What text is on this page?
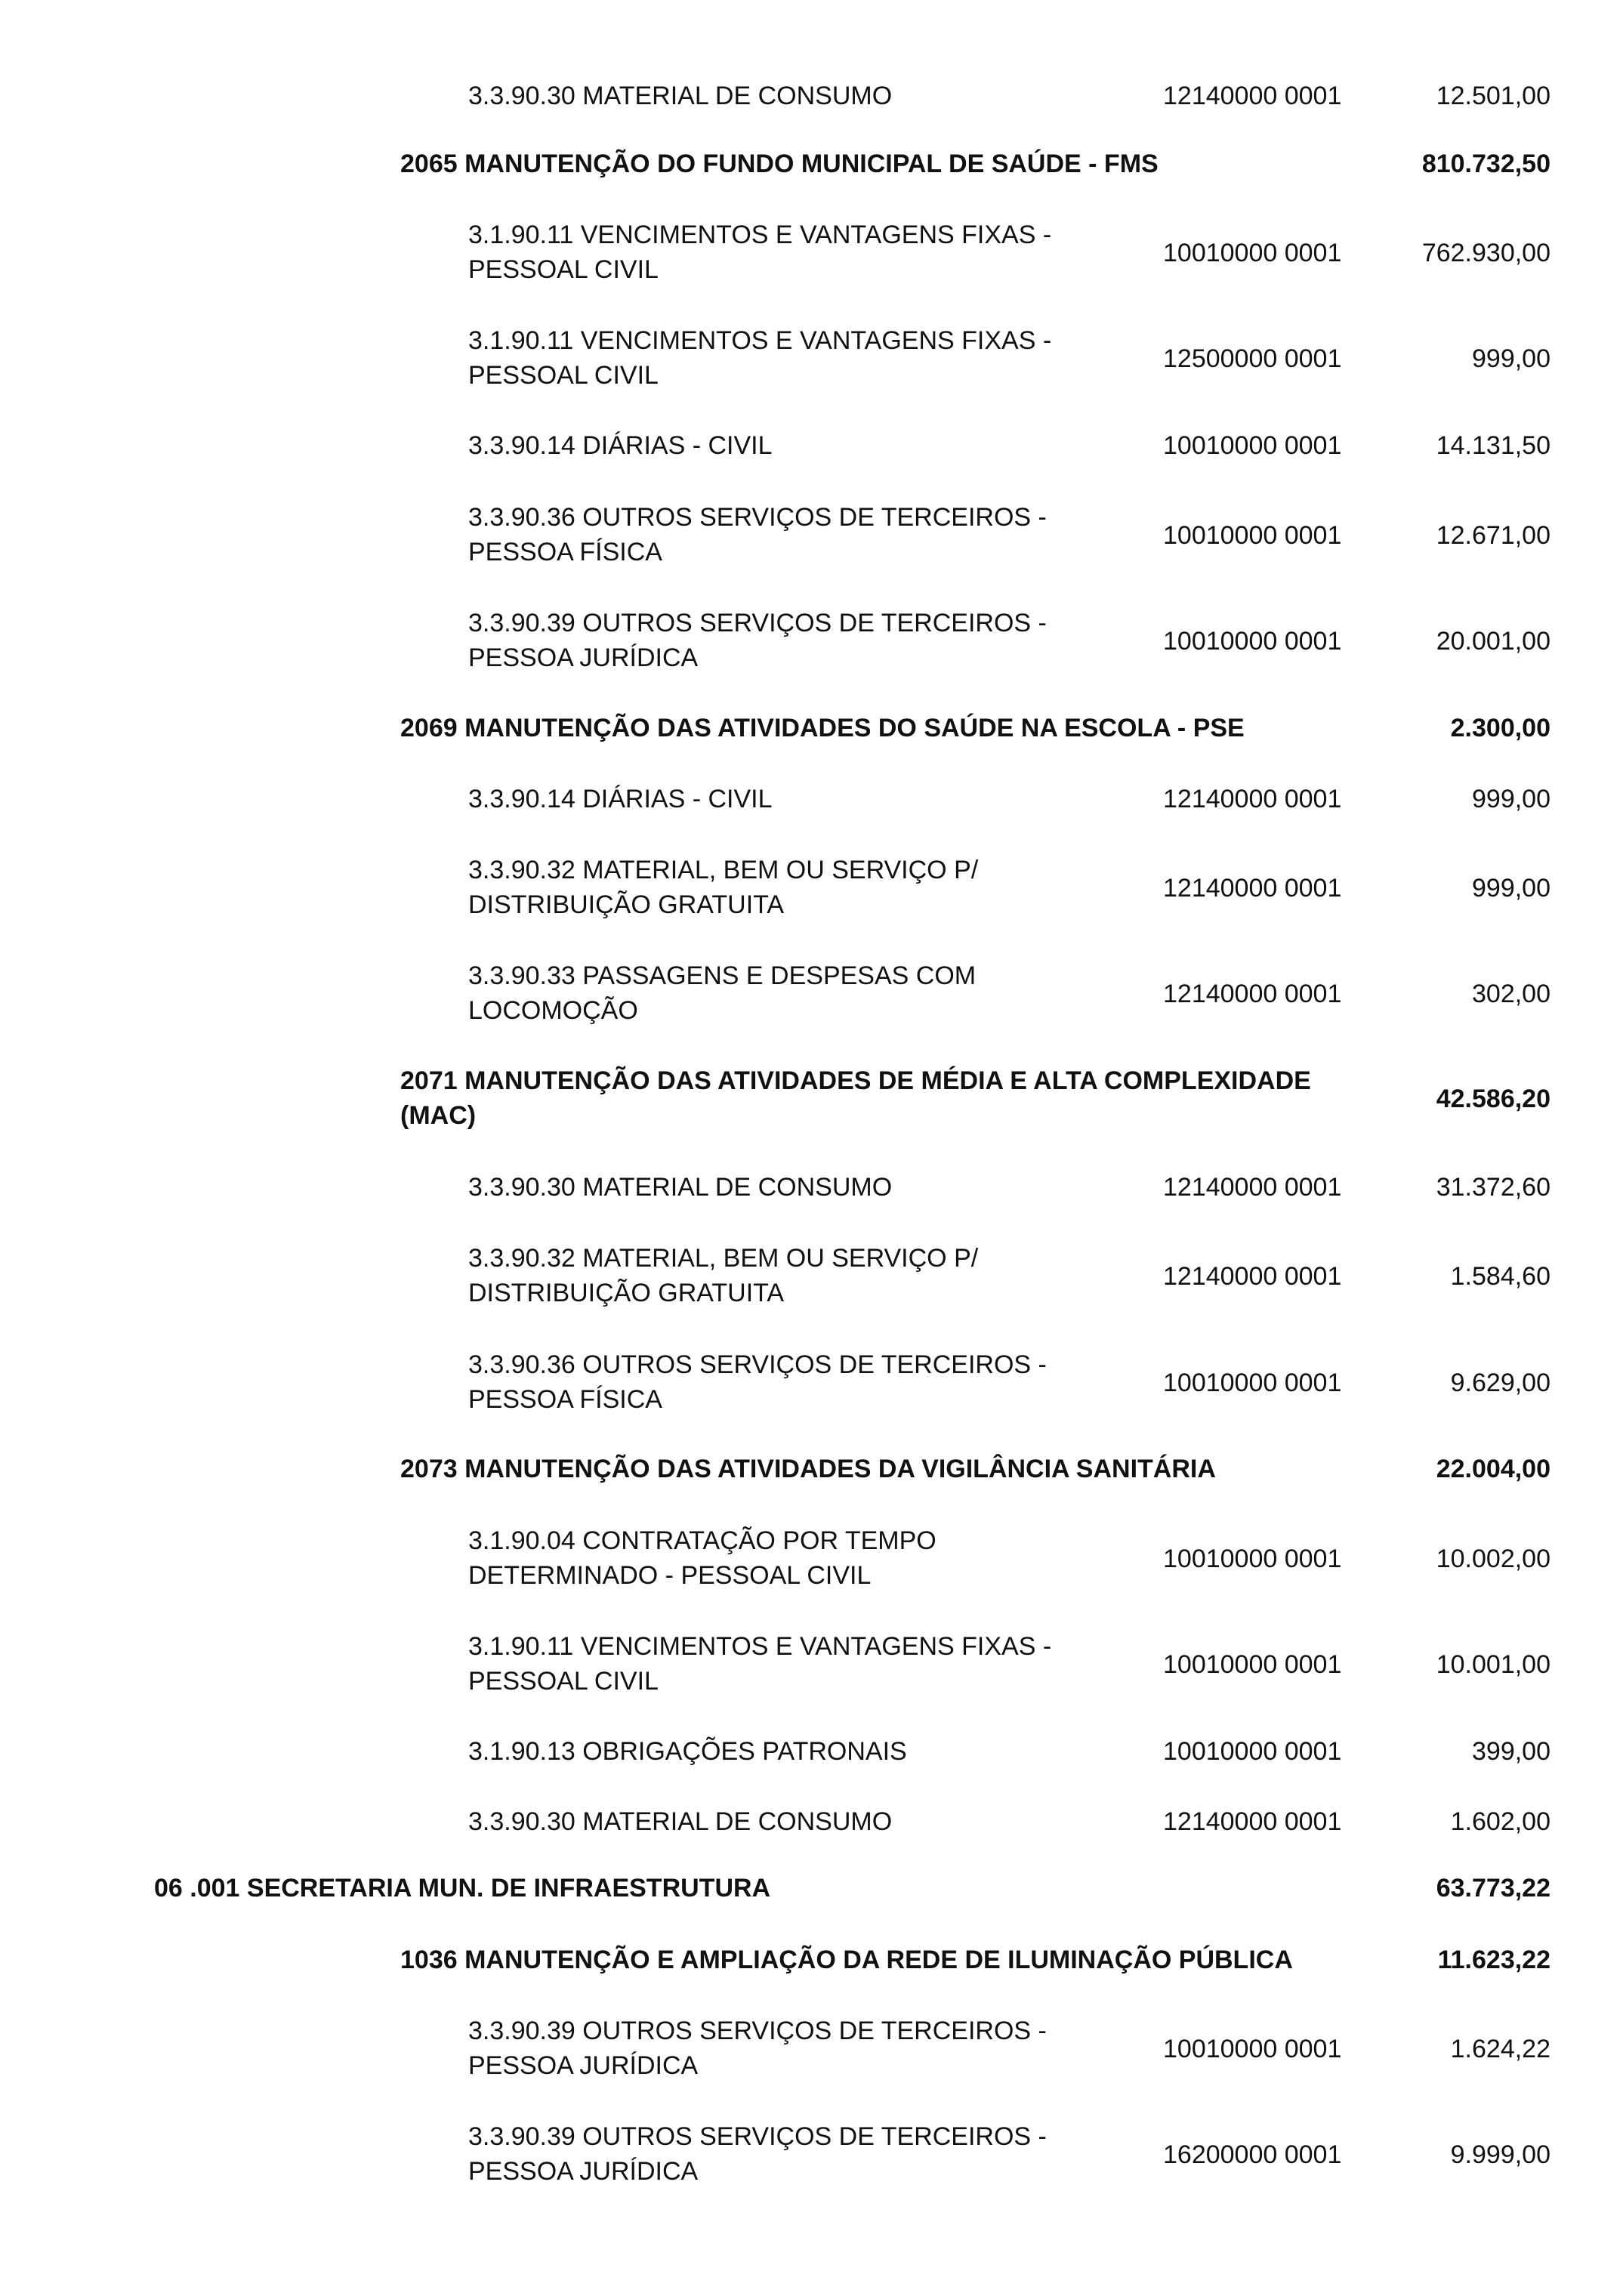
3.3.90.30 MATERIAL DE CONSUMO	12140000 0001	12.501,00
2065 MANUTENÇÃO DO FUNDO MUNICIPAL DE SAÚDE - FMS	810.732,50
3.1.90.11 VENCIMENTOS E VANTAGENS FIXAS -
PESSOAL CIVIL
10010000 0001	762.930,00
3.1.90.11 VENCIMENTOS E VANTAGENS FIXAS -
PESSOAL CIVIL
12500000 0001	999,00
3.3.90.14 DIÁRIAS - CIVIL	10010000 0001	14.131,50
3.3.90.36 OUTROS SERVIÇOS DE TERCEIROS -
PESSOA FÍSICA
10010000 0001	12.671,00
3.3.90.39 OUTROS SERVIÇOS DE TERCEIROS -
PESSOA JURÍDICA
10010000 0001	20.001,00
2069 MANUTENÇÃO DAS ATIVIDADES DO SAÚDE NA ESCOLA - PSE	2.300,00
3.3.90.14 DIÁRIAS - CIVIL	12140000 0001	999,00
3.3.90.32 MATERIAL, BEM OU SERVIÇO P/
DISTRIBUIÇÃO GRATUITA
12140000 0001	999,00
3.3.90.33 PASSAGENS E DESPESAS COM
LOCOMOÇÃO
12140000 0001	302,00
2071 MANUTENÇÃO DAS ATIVIDADES DE MÉDIA E ALTA COMPLEXIDADE
(MAC)
42.586,20
3.3.90.30 MATERIAL DE CONSUMO	12140000 0001	31.372,60
3.3.90.32 MATERIAL, BEM OU SERVIÇO P/
DISTRIBUIÇÃO GRATUITA
12140000 0001	1.584,60
3.3.90.36 OUTROS SERVIÇOS DE TERCEIROS -
PESSOA FÍSICA
10010000 0001	9.629,00
2073 MANUTENÇÃO DAS ATIVIDADES DA VIGILÂNCIA SANITÁRIA	22.004,00
3.1.90.04 CONTRATAÇÃO POR TEMPO
DETERMINADO - PESSOAL CIVIL
10010000 0001	10.002,00
3.1.90.11 VENCIMENTOS E VANTAGENS FIXAS -
PESSOAL CIVIL
10010000 0001	10.001,00
3.1.90.13 OBRIGAÇÕES PATRONAIS	10010000 0001	399,00
3.3.90.30 MATERIAL DE CONSUMO	12140000 0001	1.602,00
06 .001 SECRETARIA MUN. DE INFRAESTRUTURA	63.773,22
1036 MANUTENÇÃO E AMPLIAÇÃO DA REDE DE ILUMINAÇÃO PÚBLICA	11.623,22
3.3.90.39 OUTROS SERVIÇOS DE TERCEIROS -
PESSOA JURÍDICA
10010000 0001	1.624,22
3.3.90.39 OUTROS SERVIÇOS DE TERCEIROS -
PESSOA JURÍDICA
16200000 0001	9.999,00
